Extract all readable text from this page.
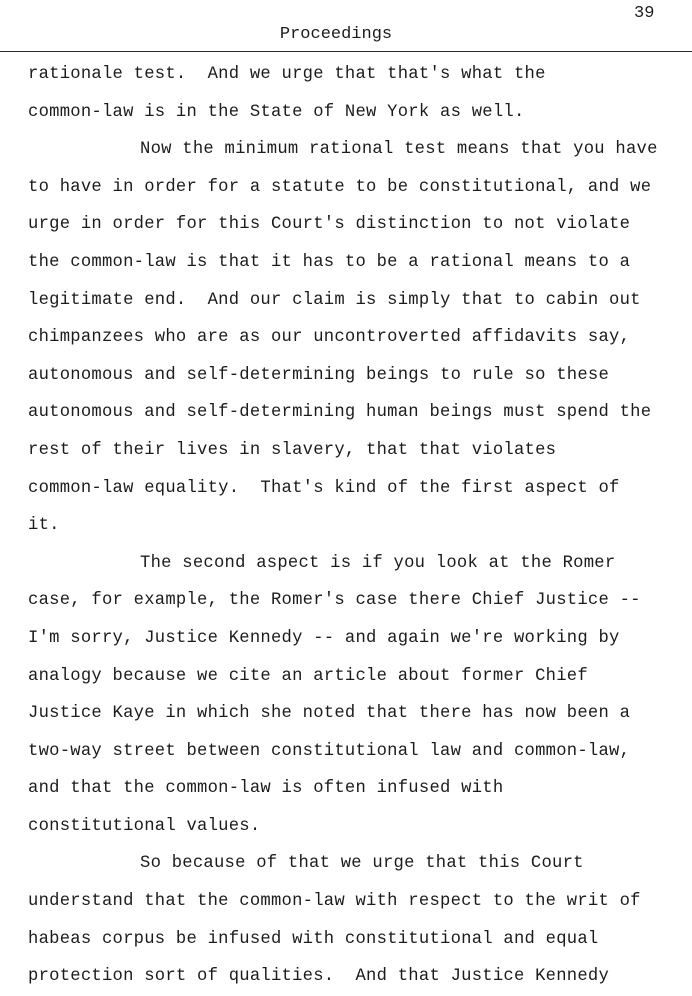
39
Proceedings
rationale test.  And we urge that that's what the
common-law is in the State of New York as well.
Now the minimum rational test means that you have
to have in order for a statute to be constitutional, and we
urge in order for this Court's distinction to not violate
the common-law is that it has to be a rational means to a
legitimate end.  And our claim is simply that to cabin out
chimpanzees who are as our uncontroverted affidavits say,
autonomous and self-determining beings to rule so these
autonomous and self-determining human beings must spend the
rest of their lives in slavery, that that violates
common-law equality.  That's kind of the first aspect of
it.
The second aspect is if you look at the Romer
case, for example, the Romer's case there Chief Justice --
I'm sorry, Justice Kennedy -- and again we're working by
analogy because we cite an article about former Chief
Justice Kaye in which she noted that there has now been a
two-way street between constitutional law and common-law,
and that the common-law is often infused with
constitutional values.
So because of that we urge that this Court
understand that the common-law with respect to the writ of
habeas corpus be infused with constitutional and equal
protection sort of qualities.  And that Justice Kennedy
